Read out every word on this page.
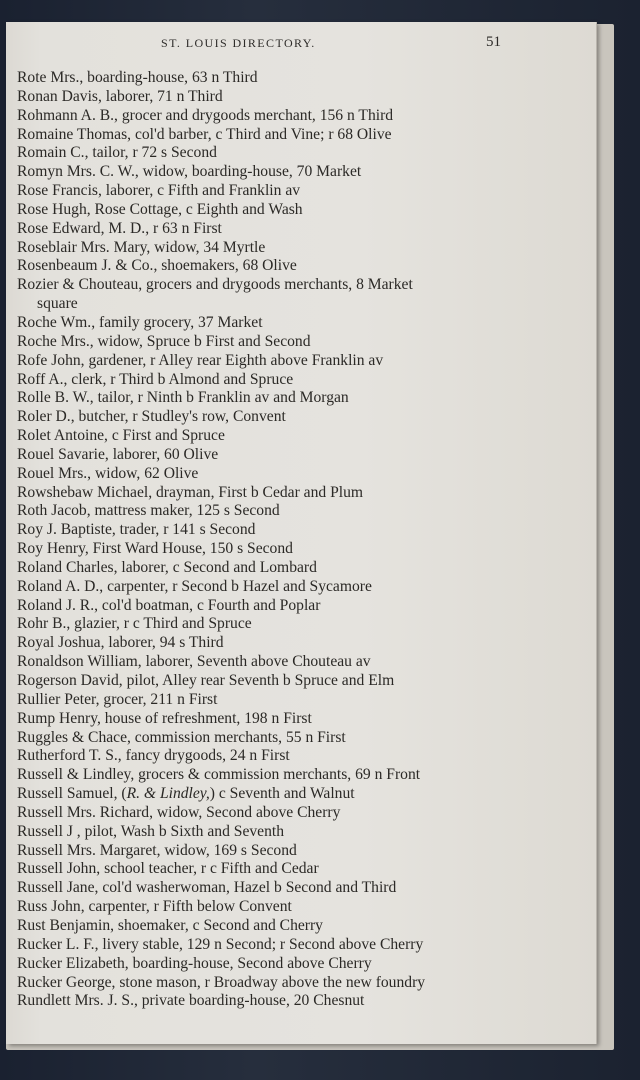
ST. LOUIS DIRECTORY.	51
Rote Mrs., boarding-house, 63 n Third
Ronan Davis, laborer, 71 n Third
Rohmann A. B., grocer and drygoods merchant, 156 n Third
Romaine Thomas, col'd barber, c Third and Vine; r 68 Olive
Romain C., tailor, r 72 s Second
Romyn Mrs. C. W., widow, boarding-house, 70 Market
Rose Francis, laborer, c Fifth and Franklin av
Rose Hugh, Rose Cottage, c Eighth and Wash
Rose Edward, M. D., r 63 n First
Roseblair Mrs. Mary, widow, 34 Myrtle
Rosenbeaum J. & Co., shoemakers, 68 Olive
Rozier & Chouteau, grocers and drygoods merchants, 8 Market
square
Roche Wm., family grocery, 37 Market
Roche Mrs., widow, Spruce b First and Second
Rofe John, gardener, r Alley rear Eighth above Franklin av
Roff A., clerk, r Third b Almond and Spruce
Rolle B. W., tailor, r Ninth b Franklin av and Morgan
Roler D., butcher, r Studley's row, Convent
Rolet Antoine, c First and Spruce
Rouel Savarie, laborer, 60 Olive
Rouel Mrs., widow, 62 Olive
Rowshebaw Michael, drayman, First b Cedar and Plum
Roth Jacob, mattress maker, 125 s Second
Roy J. Baptiste, trader, r 141 s Second
Roy Henry, First Ward House, 150 s Second
Roland Charles, laborer, c Second and Lombard
Roland A. D., carpenter, r Second b Hazel and Sycamore
Roland J. R., col'd boatman, c Fourth and Poplar
Rohr B., glazier, r c Third and Spruce
Royal Joshua, laborer, 94 s Third
Ronaldson William, laborer, Seventh above Chouteau av
Rogerson David, pilot, Alley rear Seventh b Spruce and Elm
Rullier Peter, grocer, 211 n First
Rump Henry, house of refreshment, 198 n First
Ruggles & Chace, commission merchants, 55 n First
Rutherford T. S., fancy drygoods, 24 n First
Russell & Lindley, grocers & commission merchants, 69 n Front
Russell Samuel, (R. & Lindley,) c Seventh and Walnut
Russell Mrs. Richard, widow, Second above Cherry
Russell J , pilot, Wash b Sixth and Seventh
Russell Mrs. Margaret, widow, 169 s Second
Russell John, school teacher, r c Fifth and Cedar
Russell Jane, col'd washerwoman, Hazel b Second and Third
Russ John, carpenter, r Fifth below Convent
Rust Benjamin, shoemaker, c Second and Cherry
Rucker L. F., livery stable, 129 n Second; r Second above Cherry
Rucker Elizabeth, boarding-house, Second above Cherry
Rucker George, stone mason, r Broadway above the new foundry
Rundlett Mrs. J. S., private boarding-house, 20 Chesnut
